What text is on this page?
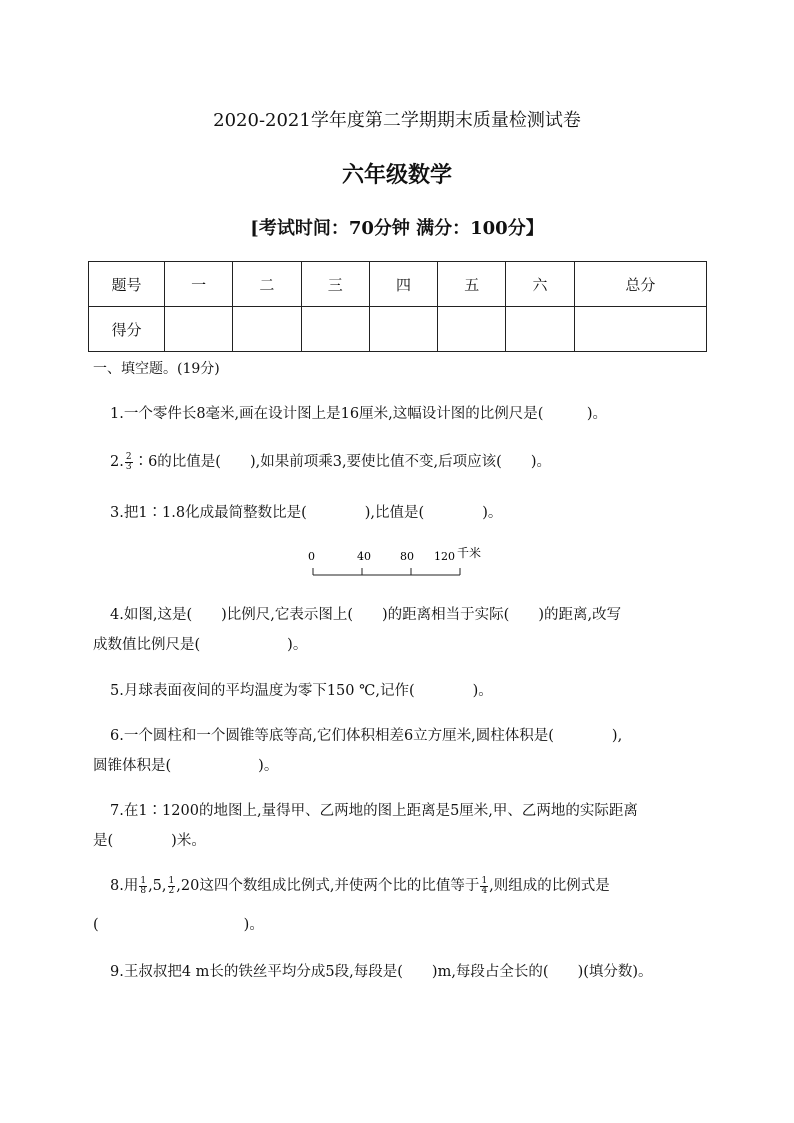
2020-2021学年度第二学期期末质量检测试卷
六年级数学
[考试时间：70分钟 满分：100分】
题号	一	二	三	四	五	六	总分
得分							
一、填空题。(19分)
1.一个零件长8毫米,画在设计图上是16厘米,这幅设计图的比例尺是(　　　)。
2. $\frac{2}{3}$ ∶6的比值是(　　),如果前项乘3,要使比值不变,后项应该(　　)。
3.把1∶1.8化成最简整数比是(　　　　),比值是(　　　　)。
0	40	80 120 千米
4.如图,这是(　　)比例尺,它表示图上(　　)的距离相当于实际(　　)的距离,改写
成数值比例尺是(　　　　　　)。
5.月球表面夜间的平均温度为零下150 ℃,记作(　　　　)。
6.一个圆柱和一个圆锥等底等高,它们体积相差6立方厘米,圆柱体积是(　　　　),
圆锥体积是(　　　　　　)。
7.在1∶1200的地图上,量得甲、乙两地的图上距离是5厘米,甲、乙两地的实际距离
是(　　　　)米。
8.用 $\frac{1}{8} ,5$, $\frac{1}{2} ,20$这四个数组成比例式,并使两个比的比值等于 $\frac{1}{4}$ ,则组成的比例式是
(　　　　　　　　　　)。
9.王叔叔把4 m长的铁丝平均分成5段,每段是(　　)m,每段占全长的(　　)(填分数)。
